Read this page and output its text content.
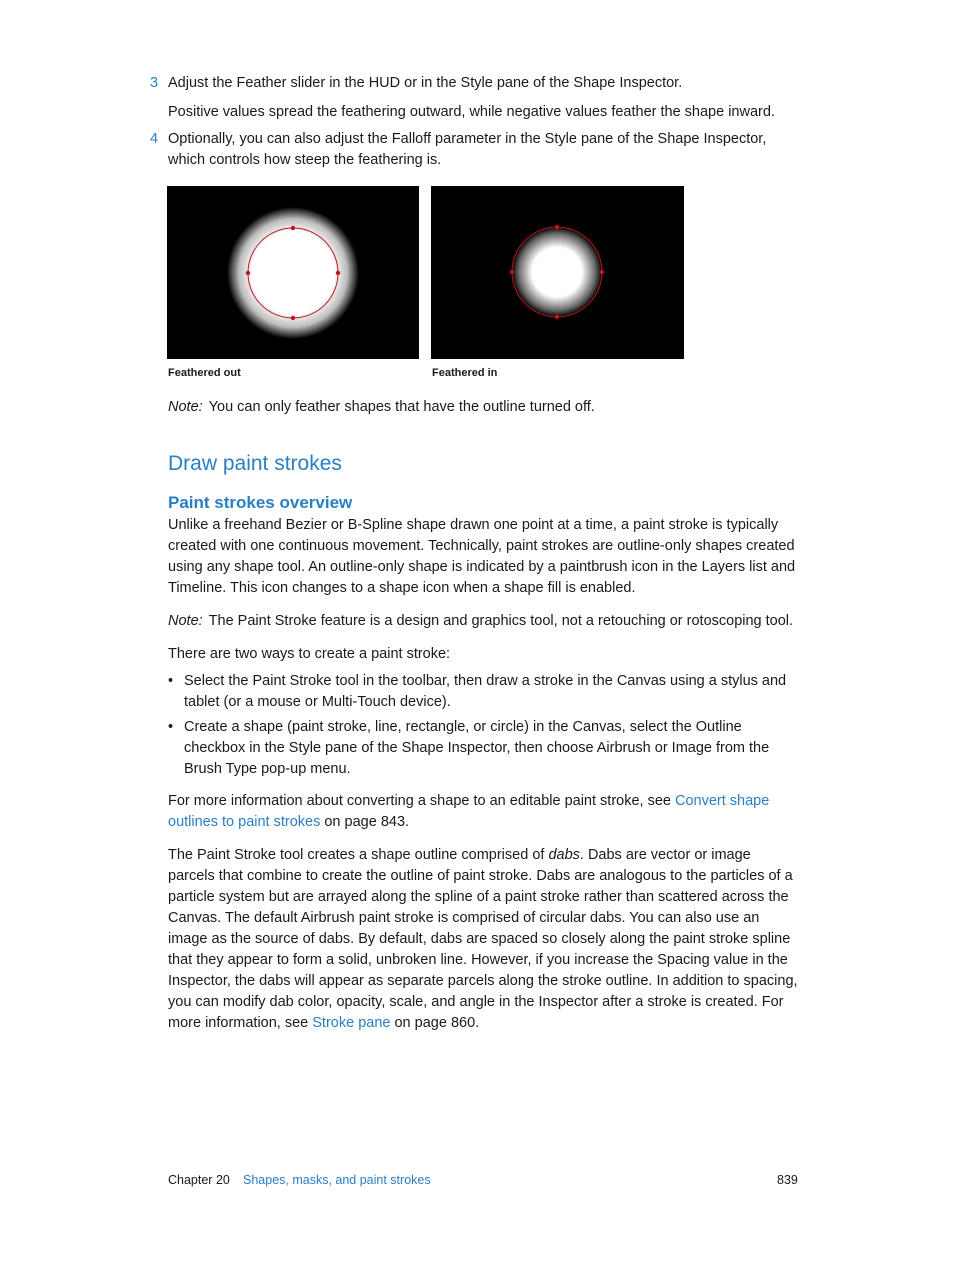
3 Adjust the Feather slider in the HUD or in the Style pane of the Shape Inspector.
Positive values spread the feathering outward, while negative values feather the shape inward.
4 Optionally, you can also adjust the Falloff parameter in the Style pane of the Shape Inspector, which controls how steep the feathering is.
Feathered out	Feathered in
Note: You can only feather shapes that have the outline turned off.
Draw paint strokes
Paint strokes overview
Unlike a freehand Bezier or B-Spline shape drawn one point at a time, a paint stroke is typically created with one continuous movement. Technically, paint strokes are outline-only shapes created using any shape tool. An outline-only shape is indicated by a paintbrush icon in the Layers list and Timeline. This icon changes to a shape icon when a shape fill is enabled.
Note: The Paint Stroke feature is a design and graphics tool, not a retouching or rotoscoping tool.
There are two ways to create a paint stroke:
• Select the Paint Stroke tool in the toolbar, then draw a stroke in the Canvas using a stylus and tablet (or a mouse or Multi-Touch device).
• Create a shape (paint stroke, line, rectangle, or circle) in the Canvas, select the Outline checkbox in the Style pane of the Shape Inspector, then choose Airbrush or Image from the Brush Type pop-up menu.
For more information about converting a shape to an editable paint stroke, see Convert shape outlines to paint strokes on page 843.
The Paint Stroke tool creates a shape outline comprised of dabs. Dabs are vector or image parcels that combine to create the outline of paint stroke. Dabs are analogous to the particles of a particle system but are arrayed along the spline of a paint stroke rather than scattered across the Canvas. The default Airbrush paint stroke is comprised of circular dabs. You can also use an image as the source of dabs. By default, dabs are spaced so closely along the paint stroke spline that they appear to form a solid, unbroken line. However, if you increase the Spacing value in the Inspector, the dabs will appear as separate parcels along the stroke outline. In addition to spacing, you can modify dab color, opacity, scale, and angle in the Inspector after a stroke is created. For more information, see Stroke pane on page 860.
Chapter 20 Shapes, masks, and paint strokes	839
